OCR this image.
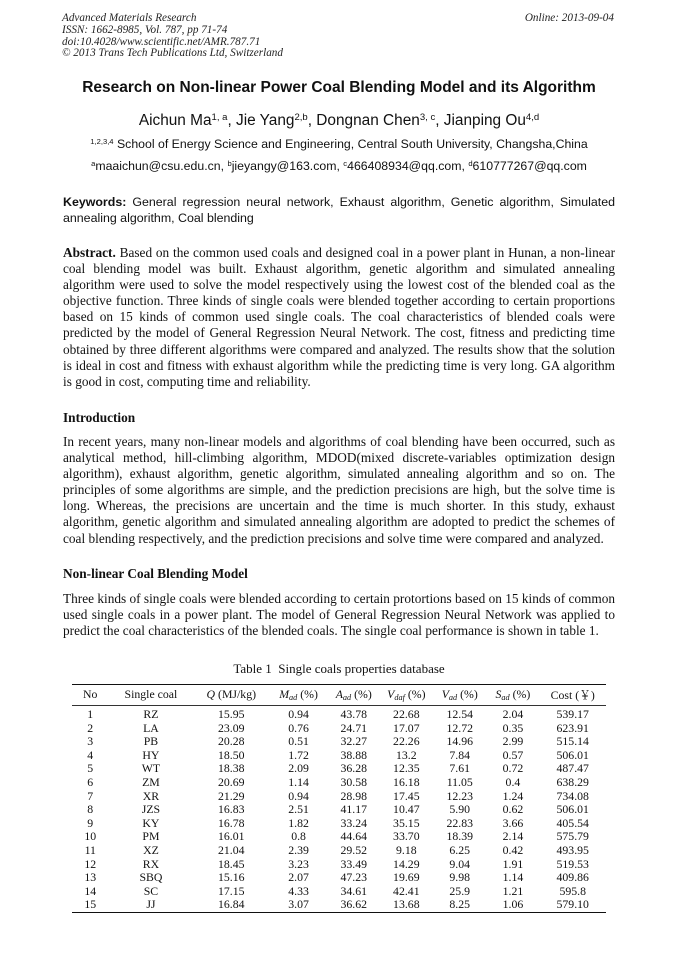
Advanced Materials Research
ISSN: 1662-8985, Vol. 787, pp 71-74
doi:10.4028/www.scientific.net/AMR.787.71
© 2013 Trans Tech Publications Ltd, Switzerland
Online: 2013-09-04
Research on Non-linear Power Coal Blending Model and its Algorithm
Aichun Ma$^{1, a}$, Jie Yang$^{2,b}$, Dongnan Chen$^{3, c}$, Jianping Ou$^{4,d}$
$^{1,2,3,4}$ School of Energy Science and Engineering, Central South University, Changsha,China
$^a$maaichun@csu.edu.cn, $^b$jieyangy@163.com, $^c$466408934@qq.com, $^d$610777267@qq.com
Keywords: General regression neural network, Exhaust algorithm, Genetic algorithm, Simulated annealing algorithm, Coal blending
Abstract. Based on the common used coals and designed coal in a power plant in Hunan, a non-linear coal blending model was built. Exhaust algorithm, genetic algorithm and simulated annealing algorithm were used to solve the model respectively using the lowest cost of the blended coal as the objective function. Three kinds of single coals were blended together according to certain proportions based on 15 kinds of common used single coals. The coal characteristics of blended coals were predicted by the model of General Regression Neural Network. The cost, fitness and predicting time obtained by three different algorithms were compared and analyzed. The results show that the solution is ideal in cost and fitness with exhaust algorithm while the predicting time is very long. GA algorithm is good in cost, computing time and reliability.
Introduction
In recent years, many non-linear models and algorithms of coal blending have been occurred, such as analytical method, hill-climbing algorithm, MDOD(mixed discrete-variables optimization design algorithm), exhaust algorithm, genetic algorithm, simulated annealing algorithm and so on. The principles of some algorithms are simple, and the prediction precisions are high, but the solve time is long. Whereas, the precisions are uncertain and the time is much shorter. In this study, exhaust algorithm, genetic algorithm and simulated annealing algorithm are adopted to predict the schemes of coal blending respectively, and the prediction precisions and solve time were compared and analyzed.
Non-linear Coal Blending Model
Three kinds of single coals were blended according to certain protortions based on 15 kinds of common used single coals in a power plant. The model of General Regression Neural Network was applied to predict the coal characteristics of the blended coals. The single coal performance is shown in table 1.
Table 1  Single coals properties database
No	Single coal	Q (MJ/kg)	$M_{ad}$ (%)	$A_{ad}$ (%)	$V_{daf}$ (%)	$V_{ad}$ (%)	$S_{ad}$ (%)	Cost (￥)
1	RZ	15.95	0.94	43.78	22.68	12.54	2.04	539.17
2	LA	23.09	0.76	24.71	17.07	12.72	0.35	623.91
3	PB	20.28	0.51	32.27	22.26	14.96	2.99	515.14
4	HY	18.50	1.72	38.88	13.2	7.84	0.57	506.01
5	WT	18.38	2.09	36.28	12.35	7.61	0.72	487.47
6	ZM	20.69	1.14	30.58	16.18	11.05	0.4	638.29
7	XR	21.29	0.94	28.98	17.45	12.23	1.24	734.08
8	JZS	16.83	2.51	41.17	10.47	5.90	0.62	506.01
9	KY	16.78	1.82	33.24	35.15	22.83	3.66	405.54
10	PM	16.01	0.8	44.64	33.70	18.39	2.14	575.79
11	XZ	21.04	2.39	29.52	9.18	6.25	0.42	493.95
12	RX	18.45	3.23	33.49	14.29	9.04	1.91	519.53
13	SBQ	15.16	2.07	47.23	19.69	9.98	1.14	409.86
14	SC	17.15	4.33	34.61	42.41	25.9	1.21	595.8
15	JJ	16.84	3.07	36.62	13.68	8.25	1.06	579.10
